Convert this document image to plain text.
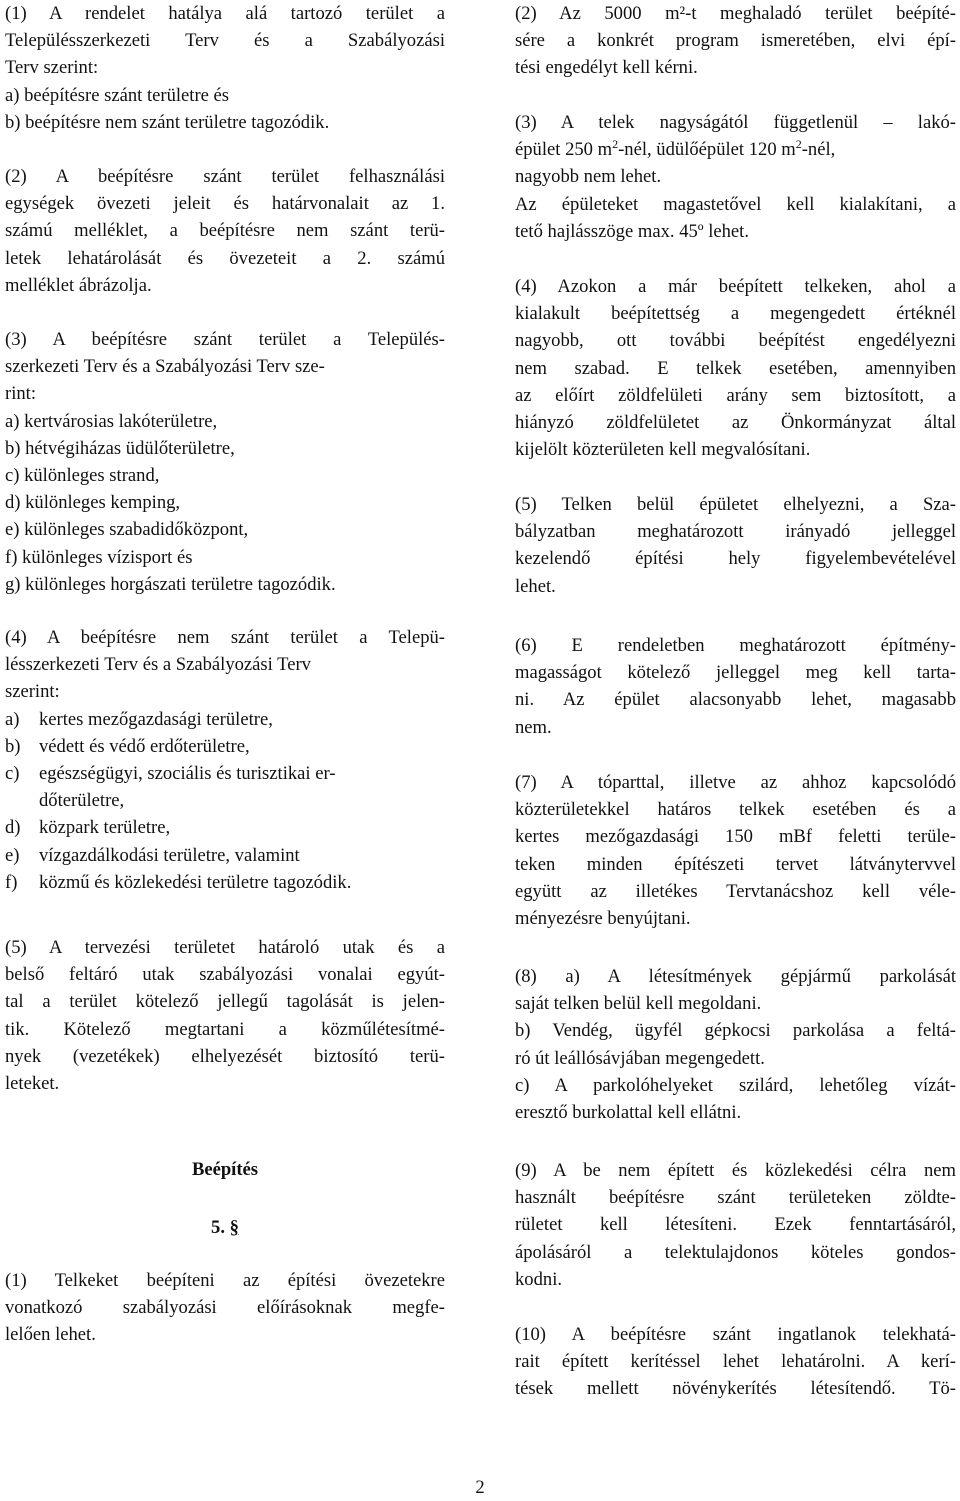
(1) A rendelet hatálya alá tartozó terület a
Településszerkezeti Terv és a Szabályozási
Terv szerint:
a) beépítésre szánt területre és
b) beépítésre nem szánt területre tagozódik.
(2) A beépítésre szánt terület felhasználási
egységek övezeti jeleit és határvonalait az 1.
számú melléklet, a beépítésre nem szánt terü-
letek lehatárolását és övezeteit a 2. számú
melléklet ábrázolja.
(3) A beépítésre szánt terület a Település-
szerkezeti Terv és a Szabályozási Terv sze-
rint:
a) kertvárosias lakóterületre,
b) hétvégiházas üdülőterületre,
c) különleges strand,
d) különleges kemping,
e) különleges szabadidőközpont,
f) különleges vízisport és
g) különleges horgászati területre tagozódik.
(4) A beépítésre nem szánt terület a Telepü-
lésszerkezeti Terv és a Szabályozási Terv
szerint:
a) kertes mezőgazdasági területre,
b) védett és védő erdőterületre,
c) egészségügyi, szociális és turisztikai er-
dőterületre,
d) közpark területre,
e) vízgazdálkodási területre, valamint
f) közmű és közlekedési területre tagozódik.
(5) A tervezési területet határoló utak és a
belső feltáró utak szabályozási vonalai egyút-
tal a terület kötelező jellegű tagolását is jelen-
tik. Kötelező megtartani a közműlétesítmé-
nyek (vezetékek) elhelyezését biztosító terü-
leteket.
Beépítés
5. §
(1) Telkeket beépíteni az építési övezetekre
vonatkozó szabályozási előírásoknak megfe-
lelően lehet.
(2) Az 5000 m²-t meghaladó terület beépíté-
sére a konkrét program ismeretében, elvi épí-
tési engedélyt kell kérni.
(3) A telek nagyságától függetlenül – lakó-
épület 250 $m^2$-nél, üdülőépület 120 $m^2$-nél,
nagyobb nem lehet.
Az épületeket magastetővel kell kialakítani, a
tető hajlásszöge max. 45º lehet.
(4) Azokon a már beépített telkeken, ahol a
kialakult beépítettség a megengedett értéknél
nagyobb, ott további beépítést engedélyezni
nem szabad. E telkek esetében, amennyiben
az előírt zöldfelületi arány sem biztosított, a
hiányzó zöldfelületet az Önkormányzat által
kijelölt közterületen kell megvalósítani.
(5) Telken belül épületet elhelyezni, a Sza-
bályzatban meghatározott irányadó jelleggel
kezelendő építési hely figyelembevételével
lehet.
(6) E rendeletben meghatározott építmény-
magasságot kötelező jelleggel meg kell tarta-
ni. Az épület alacsonyabb lehet, magasabb
nem.
(7) A tóparttal, illetve az ahhoz kapcsolódó
közterületekkel határos telkek esetében és a
kertes mezőgazdasági 150 mBf feletti terüle-
teken minden építészeti tervet látványtervvel
együtt az illetékes Tervtanácshoz kell véle-
ményezésre benyújtani.
(8) a) A létesítmények gépjármű parkolását
saját telken belül kell megoldani.
b) Vendég, ügyfél gépkocsi parkolása a feltá-
ró út leállósávjában megengedett.
c) A parkolóhelyeket szilárd, lehetőleg vízát-
eresztő burkolattal kell ellátni.
(9) A be nem épített és közlekedési célra nem
használt beépítésre szánt területeken zöldte-
rületet kell létesíteni. Ezek fenntartásáról,
ápolásáról a telektulajdonos köteles gondos-
kodni.
(10) A beépítésre szánt ingatlanok telekhatá-
rait épített kerítéssel lehet lehatárolni. A kerí-
tések mellett növénykerítés létesítendő. Tö-
2
